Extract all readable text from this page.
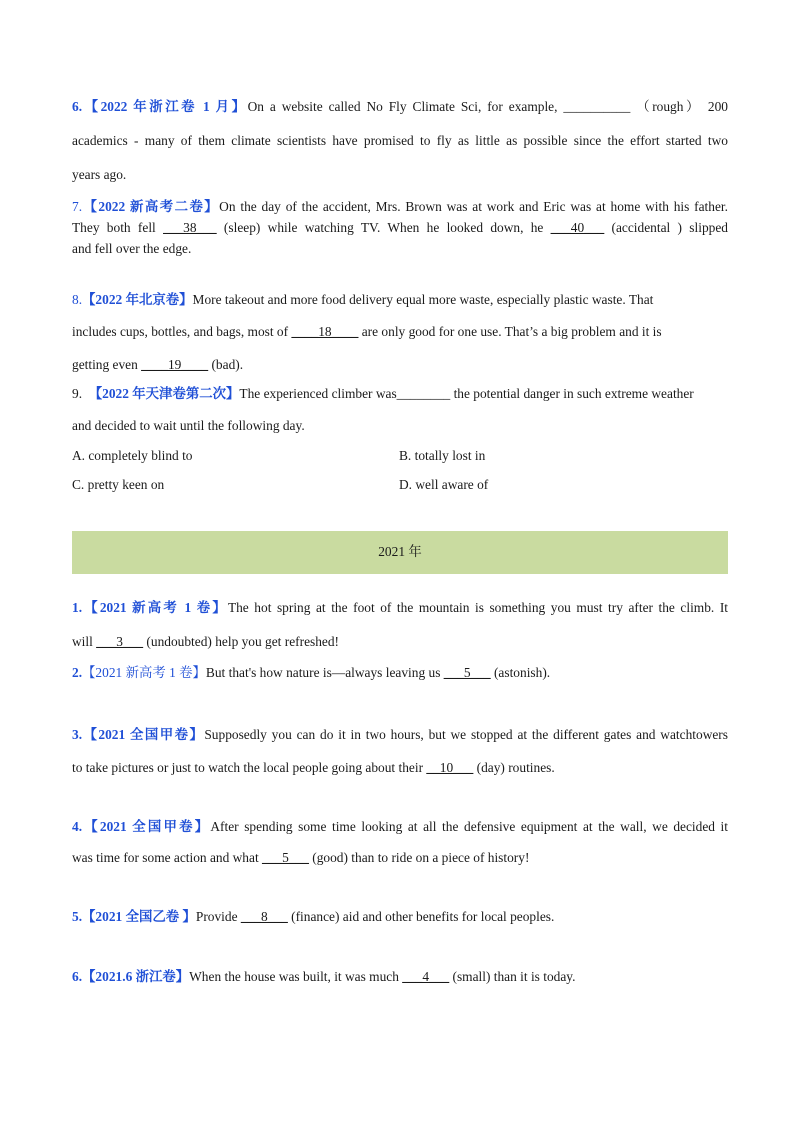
6.【2022 年浙江卷 1 月】On a website called No Fly Climate Sci, for example, __________ （rough） 200
academics - many of them climate scientists have promised to fly as little as possible since the effort started two
years ago.
7.【2022 新高考二卷】On the day of the accident, Mrs. Brown was at work and Eric was at home with his father.
They both fell ___38___ (sleep) while watching TV. When he looked down, he ___40___ (accidental ) slipped
and fell over the edge.
8.【2022 年北京卷】More takeout and more food delivery equal more waste, especially plastic waste. That
includes cups, bottles, and bags, most of ____18____ are only good for one use. That’s a big problem and it is
getting even ____19____ (bad).
9. 【2022 年天津卷第二次】The experienced climber was________ the potential danger in such extreme weather
and decided to wait until the following day.
A. completely blind to	B. totally lost in
C. pretty keen on	D. well aware of
2021 年
1.【2021 新高考 1 卷】The hot spring at the foot of the mountain is something you must try after the climb. It
will ___3___ (undoubted) help you get refreshed!
2.【2021 新高考 1 卷】But that's how nature is—always leaving us ___5___ (astonish).
3.【2021 全国甲卷】Supposedly you can do it in two hours, but we stopped at the different gates and watchtowers
to take pictures or just to watch the local people going about their __10___ (day) routines.
4.【2021 全国甲卷】After spending some time looking at all the defensive equipment at the wall, we decided it
was time for some action and what ___5___ (good) than to ride on a piece of history!
5.【2021 全国乙卷 】Provide ___8___ (finance) aid and other benefits for local peoples.
6.【2021.6 浙江卷】When the house was built, it was much ___4___ (small) than it is today.
